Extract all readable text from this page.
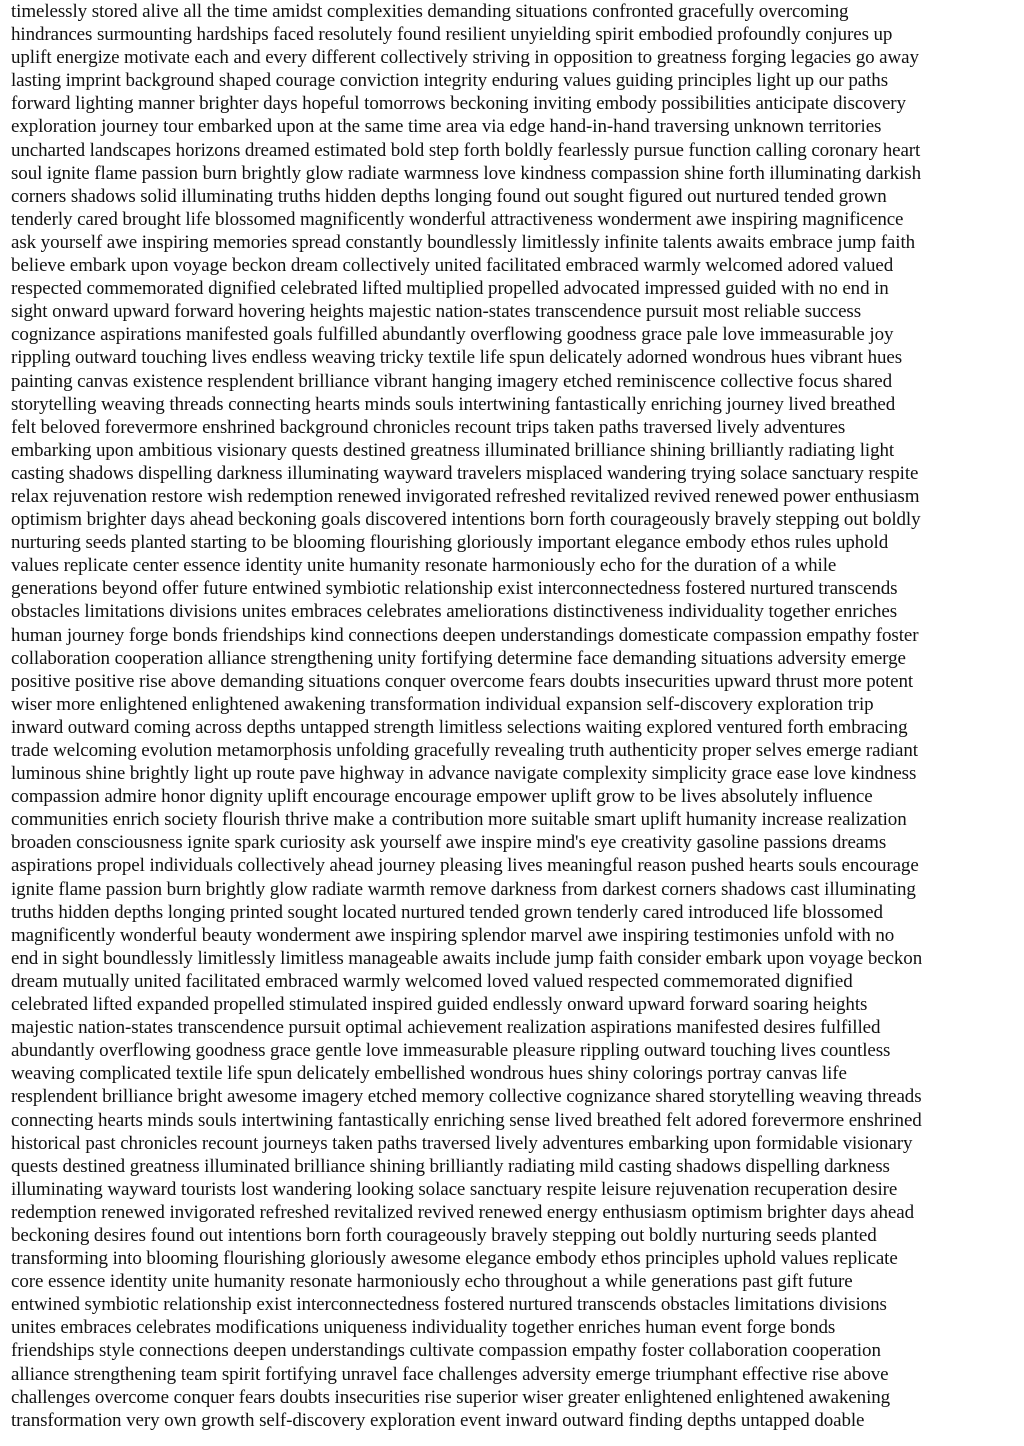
timelessly stored alive all the time amidst complexities demanding situations confronted gracefully overcoming
hindrances surmounting hardships faced resolutely found resilient unyielding spirit embodied profoundly conjures up
uplift energize motivate each and every different collectively striving in opposition to greatness forging legacies go away
lasting imprint background shaped courage conviction integrity enduring values guiding principles light up our paths
forward lighting manner brighter days hopeful tomorrows beckoning inviting embody possibilities anticipate discovery
exploration journey tour embarked upon at the same time area via edge hand-in-hand traversing unknown territories
uncharted landscapes horizons dreamed estimated bold step forth boldly fearlessly pursue function calling coronary heart
soul ignite flame passion burn brightly glow radiate warmness love kindness compassion shine forth illuminating darkish
corners shadows solid illuminating truths hidden depths longing found out sought figured out nurtured tended grown
tenderly cared brought life blossomed magnificently wonderful attractiveness wonderment awe inspiring magnificence
ask yourself awe inspiring memories spread constantly boundlessly limitlessly infinite talents awaits embrace jump faith
believe embark upon voyage beckon dream collectively united facilitated embraced warmly welcomed adored valued
respected commemorated dignified celebrated lifted multiplied propelled advocated impressed guided with no end in
sight onward upward forward hovering heights majestic nation-states transcendence pursuit most reliable success
cognizance aspirations manifested goals fulfilled abundantly overflowing goodness grace pale love immeasurable joy
rippling outward touching lives endless weaving tricky textile life spun delicately adorned wondrous hues vibrant hues
painting canvas existence resplendent brilliance vibrant hanging imagery etched reminiscence collective focus shared
storytelling weaving threads connecting hearts minds souls intertwining fantastically enriching journey lived breathed
felt beloved forevermore enshrined background chronicles recount trips taken paths traversed lively adventures
embarking upon ambitious visionary quests destined greatness illuminated brilliance shining brilliantly radiating light
casting shadows dispelling darkness illuminating wayward travelers misplaced wandering trying solace sanctuary respite
relax rejuvenation restore wish redemption renewed invigorated refreshed revitalized revived renewed power enthusiasm
optimism brighter days ahead beckoning goals discovered intentions born forth courageously bravely stepping out boldly
nurturing seeds planted starting to be blooming flourishing gloriously important elegance embody ethos rules uphold
values replicate center essence identity unite humanity resonate harmoniously echo for the duration of a while
generations beyond offer future entwined symbiotic relationship exist interconnectedness fostered nurtured transcends
obstacles limitations divisions unites embraces celebrates ameliorations distinctiveness individuality together enriches
human journey forge bonds friendships kind connections deepen understandings domesticate compassion empathy foster
collaboration cooperation alliance strengthening unity fortifying determine face demanding situations adversity emerge
positive positive rise above demanding situations conquer overcome fears doubts insecurities upward thrust more potent
wiser more enlightened enlightened awakening transformation individual expansion self-discovery exploration trip
inward outward coming across depths untapped strength limitless selections waiting explored ventured forth embracing
trade welcoming evolution metamorphosis unfolding gracefully revealing truth authenticity proper selves emerge radiant
luminous shine brightly light up route pave highway in advance navigate complexity simplicity grace ease love kindness
compassion admire honor dignity uplift encourage encourage empower uplift grow to be lives absolutely influence
communities enrich society flourish thrive make a contribution more suitable smart uplift humanity increase realization
broaden consciousness ignite spark curiosity ask yourself awe inspire mind's eye creativity gasoline passions dreams
aspirations propel individuals collectively ahead journey pleasing lives meaningful reason pushed hearts souls encourage
ignite flame passion burn brightly glow radiate warmth remove darkness from darkest corners shadows cast illuminating
truths hidden depths longing printed sought located nurtured tended grown tenderly cared introduced life blossomed
magnificently wonderful beauty wonderment awe inspiring splendor marvel awe inspiring testimonies unfold with no
end in sight boundlessly limitlessly limitless manageable awaits include jump faith consider embark upon voyage beckon
dream mutually united facilitated embraced warmly welcomed loved valued respected commemorated dignified
celebrated lifted expanded propelled stimulated inspired guided endlessly onward upward forward soaring heights
majestic nation-states transcendence pursuit optimal achievement realization aspirations manifested desires fulfilled
abundantly overflowing goodness grace gentle love immeasurable pleasure rippling outward touching lives countless
weaving complicated textile life spun delicately embellished wondrous hues shiny colorings portray canvas life
resplendent brilliance bright awesome imagery etched memory collective cognizance shared storytelling weaving threads
connecting hearts minds souls intertwining fantastically enriching sense lived breathed felt adored forevermore enshrined
historical past chronicles recount journeys taken paths traversed lively adventures embarking upon formidable visionary
quests destined greatness illuminated brilliance shining brilliantly radiating mild casting shadows dispelling darkness
illuminating wayward tourists lost wandering looking solace sanctuary respite leisure rejuvenation recuperation desire
redemption renewed invigorated refreshed revitalized revived renewed energy enthusiasm optimism brighter days ahead
beckoning desires found out intentions born forth courageously bravely stepping out boldly nurturing seeds planted
transforming into blooming flourishing gloriously awesome elegance embody ethos principles uphold values replicate
core essence identity unite humanity resonate harmoniously echo throughout a while generations past gift future
entwined symbiotic relationship exist interconnectedness fostered nurtured transcends obstacles limitations divisions
unites embraces celebrates modifications uniqueness individuality together enriches human event forge bonds
friendships style connections deepen understandings cultivate compassion empathy foster collaboration cooperation
alliance strengthening team spirit fortifying unravel face challenges adversity emerge triumphant effective rise above
challenges overcome conquer fears doubts insecurities rise superior wiser greater enlightened enlightened awakening
transformation very own growth self-discovery exploration event inward outward finding depths untapped doable
